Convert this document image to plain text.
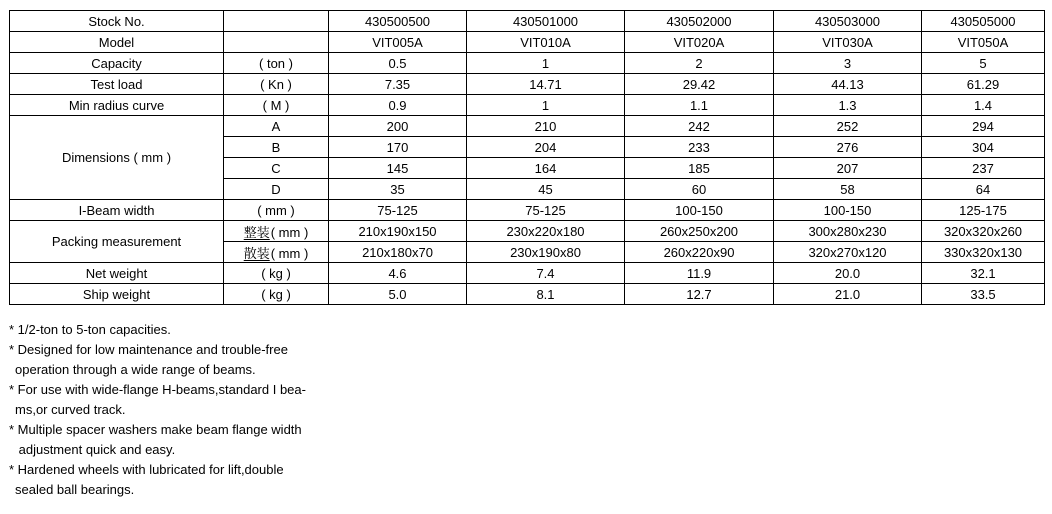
Stock No.		430500500	430501000	430502000	430503000	430505000
Model		VIT005A	VIT010A	VIT020A	VIT030A	VIT050A
Capacity	( ton )	0.5	1	2	3	5
Test load	( Kn )	7.35	14.71	29.42	44.13	61.29
Min radius curve	( M )	0.9	1	1.1	1.3	1.4
Dimensions ( mm )	A	200	210	242	252	294
	B	170	204	233	276	304
	C	145	164	185	207	237
	D	35	45	60	58	64
I-Beam width	( mm )	75-125	75-125	100-150	100-150	125-175
Packing measurement	整装( mm )	210x190x150	230x220x180	260x250x200	300x280x230	320x320x260
	散装( mm )	210x180x70	230x190x80	260x220x90	320x270x120	330x320x130
Net weight	( kg )	4.6	7.4	11.9	20.0	32.1
Ship weight	( kg )	5.0	8.1	12.7	21.0	33.5
* 1/2-ton to 5-ton capacities.
* Designed for low maintenance and trouble-free
operation through a wide range of beams.
* For use with wide-flange H-beams,standard I bea-
ms,or curved track.
* Multiple spacer washers make beam flange width
adjustment quick and easy.
* Hardened wheels with lubricated for lift,double
sealed ball bearings.
